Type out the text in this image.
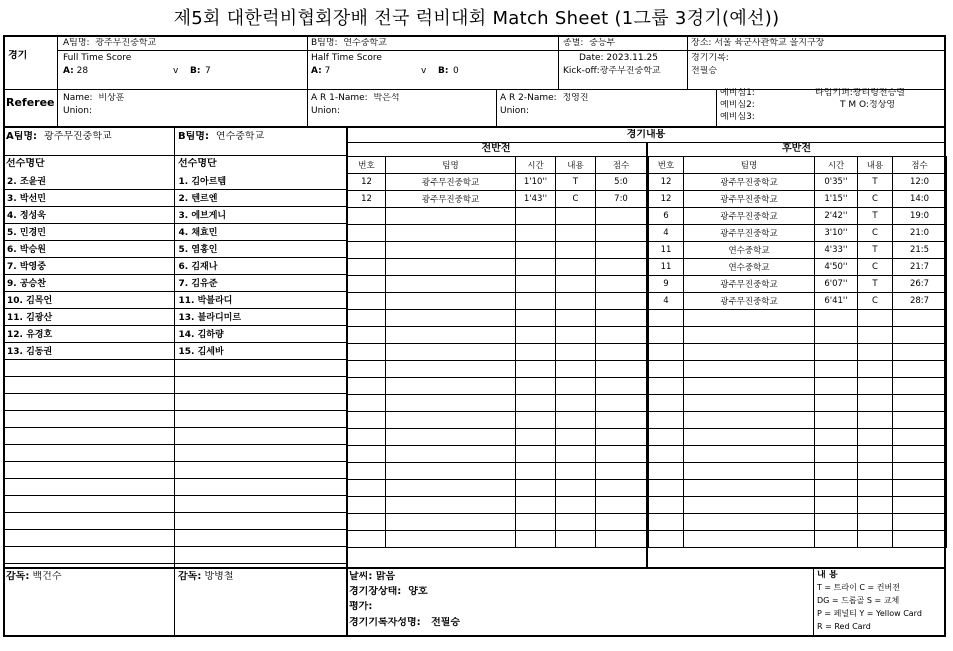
제5회 대한럭비협회장배 전국 럭비대회 Match Sheet (1그룹 3경기(예선))
경기
A팀명: 광주무진중학교	B팀명: 연수중학교	종별: 중등부	장소: 서울 육군사관학교 을지구장
Full Time Score
A: 28	v B: 7
Half Time Score
A: 7	v B: 0
Date: 2023.11.25
Kick-off:광주무진중학교
경기기록:
전필승
Referee Name: 비상훈
Union:
A R 1-Name: 박은석
Union:
A R 2-Name: 정영진
Union:
예비심1:
예비심2:
예비심3:
타임키퍼:광티링전승렬
T M O:정상영
A팀명: 광주무진중학교	B팀명: 연수중학교
선수명단	선수명단
2. 조윤권	1. 김아르템
3. 박선민	2. 텐르엔
4. 정성욱	3. 에브게니
5. 민경민	4. 채효민
6. 박승원	5. 염홍인
7. 박영중	6. 김재나
9. 공승찬	7. 김유준
10. 김목언	11. 박블라디
11. 김광산	13. 블라디미르
12. 유경호	14. 김하량
13. 김동권	15. 김세바

경기내용
전반전	후반전
번호	팀명	시간	내용	점수
12	광주무진중학교	1'10''	T	5:0
12	광주무진중학교	1'43''	C	7:0

번호	팀명	시간	내용	점수
12	광주무진중학교	0'35''	T	12:0
12	광주무진중학교	1'15''	C	14:0
6	광주무진중학교	2'42''	T	19:0
4	광주무진중학교	3'10''	C	21:0
11	연수중학교	4'33''	T	21:5
11	연수중학교	4'50''	C	21:7
9	광주무진중학교	6'07''	T	26:7
4	광주무진중학교	6'41''	C	28:7

감독: 백건수	감독: 방병철	날씨: 맑음
경기장상태: 양호
평가:
경기기록자성명: 전필승
내 용
T = 트라이 C = 컨버젼
DG = 드롭골 S = 교체
P = 페널티 Y = Yellow Card
R = Red Card
